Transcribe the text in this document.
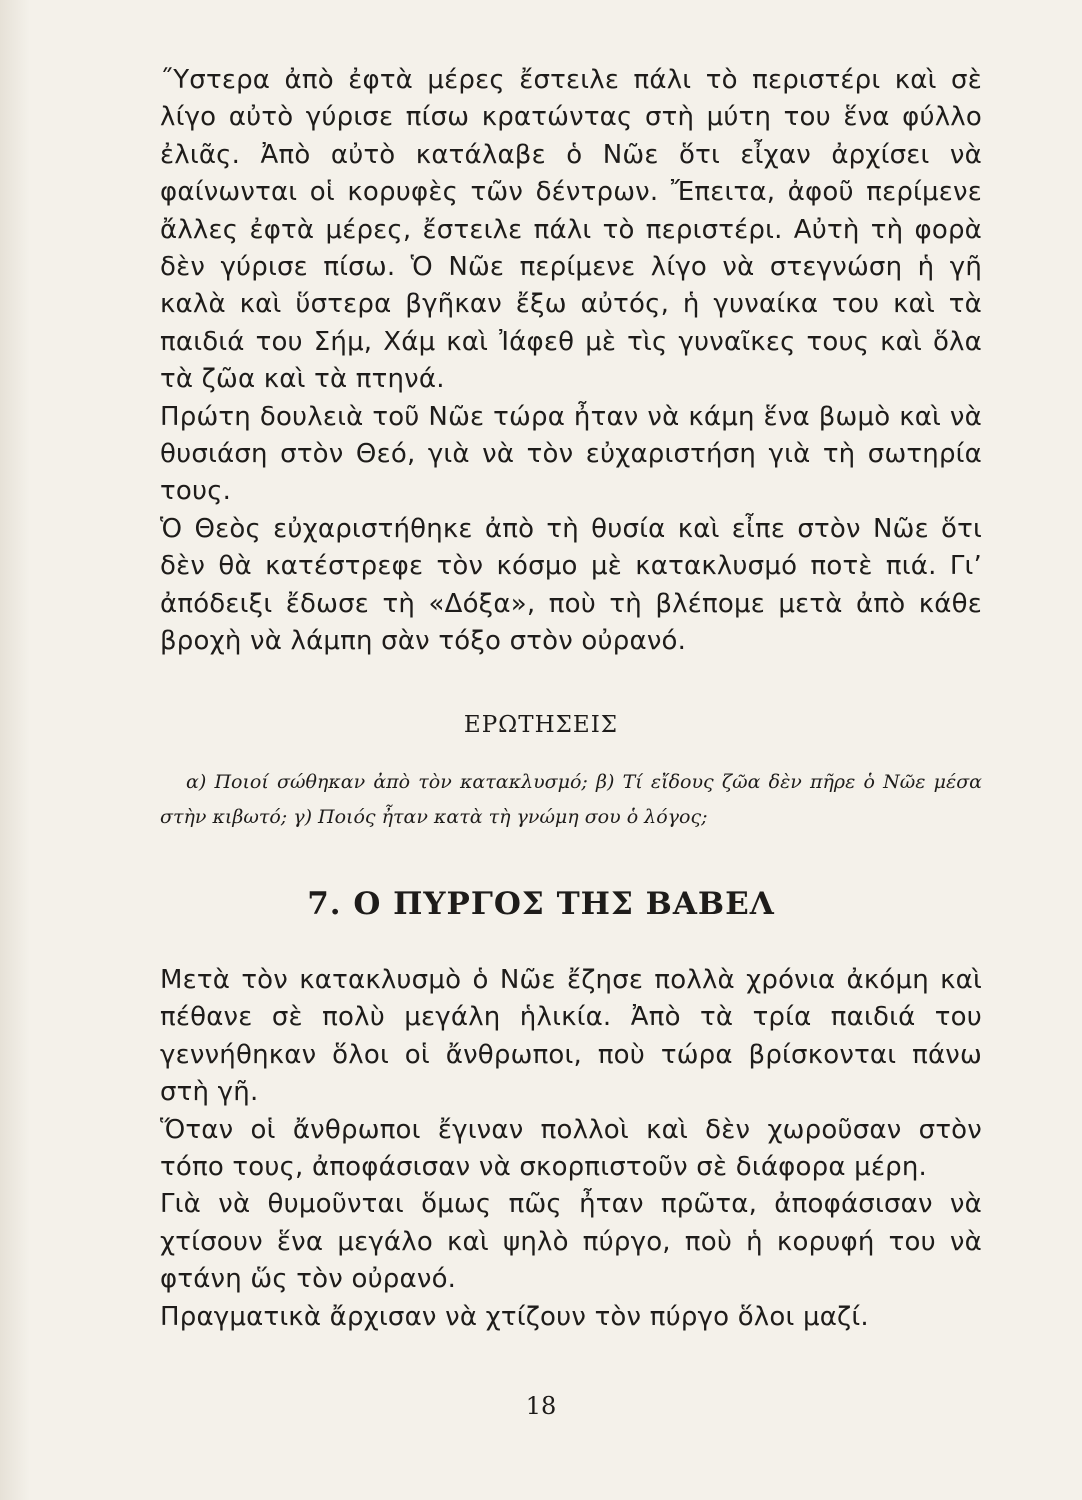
˝Υστερα ἀπὸ ἐφτὰ μέρες ἔστειλε πάλι τὸ περιστέρι καὶ σὲ λίγο αὐτὸ γύρισε πίσω κρατώντας στὴ μύτη του ἕνα φύλλο ἐλιᾶς. Ἀπὸ αὐτὸ κατάλαβε ὁ Νῶε ὅτι εἶχαν ἀρχίσει νὰ φαίνωνται οἱ κορυφὲς τῶν δέντρων. Ἔπειτα, ἀφοῦ περίμενε ἄλλες ἐφτὰ μέρες, ἔστειλε πάλι τὸ περιστέρι. Αὐτὴ τὴ φορὰ δὲν γύρισε πίσω. Ὁ Νῶε περίμενε λίγο νὰ στεγνώση ἡ γῆ καλὰ καὶ ὕστερα βγῆκαν ἔξω αὐτός, ἡ γυναίκα του καὶ τὰ παιδιά του Σήμ, Χάμ καὶ Ἰάφεθ μὲ τὶς γυναῖκες τους καὶ ὅλα τὰ ζῶα καὶ τὰ πτηνά.

Πρώτη δουλειὰ τοῦ Νῶε τώρα ἦταν νὰ κάμη ἕνα βωμὸ καὶ νὰ θυσιάση στὸν Θεό, γιὰ νὰ τὸν εὐχαριστήση γιὰ τὴ σωτηρία τους.

Ὁ Θεὸς εὐχαριστήθηκε ἀπὸ τὴ θυσία καὶ εἶπε στὸν Νῶε ὅτι δὲν θὰ κατέστρεφε τὸν κόσμο μὲ κατακλυσμό ποτὲ πιά. Γι’ ἀπόδειξι ἔδωσε τὴ «Δόξα», ποὺ τὴ βλέπομε μετὰ ἀπὸ κάθε βροχὴ νὰ λάμπη σὰν τόξο στὸν οὐρανό.

ΕΡΩΤΗΣΕΙΣ
α) Ποιοί σώθηκαν ἀπὸ τὸν κατακλυσμό; β) Τί εἴδους ζῶα δὲν πῆρε ὁ Νῶε μέσα στὴν κιβωτό; γ) Ποιός ἦταν κατὰ τὴ γνώμη σου ὁ λόγος;
7. Ο ΠΥΡΓΟΣ ΤΗΣ ΒΑΒΕΛ

Μετὰ τὸν κατακλυσμὸ ὁ Νῶε ἔζησε πολλὰ χρόνια ἀκόμη καὶ πέθανε σὲ πολὺ μεγάλη ἡλικία. Ἀπὸ τὰ τρία παιδιά του γεννήθηκαν ὅλοι οἱ ἄνθρωποι, ποὺ τώρα βρίσκονται πάνω στὴ γῆ.

Ὅταν οἱ ἄνθρωποι ἔγιναν πολλοὶ καὶ δὲν χωροῦσαν στὸν τόπο τους, ἀποφάσισαν νὰ σκορπιστοῦν σὲ διάφορα μέρη.

Γιὰ νὰ θυμοῦνται ὅμως πῶς ἦταν πρῶτα, ἀποφάσισαν νὰ χτίσουν ἕνα μεγάλο καὶ ψηλὸ πύργο, ποὺ ἡ κορυφή του νὰ φτάνη ὥς τὸν οὐρανό.

Πραγματικὰ ἄρχισαν νὰ χτίζουν τὸν πύργο ὅλοι μαζί.

18
